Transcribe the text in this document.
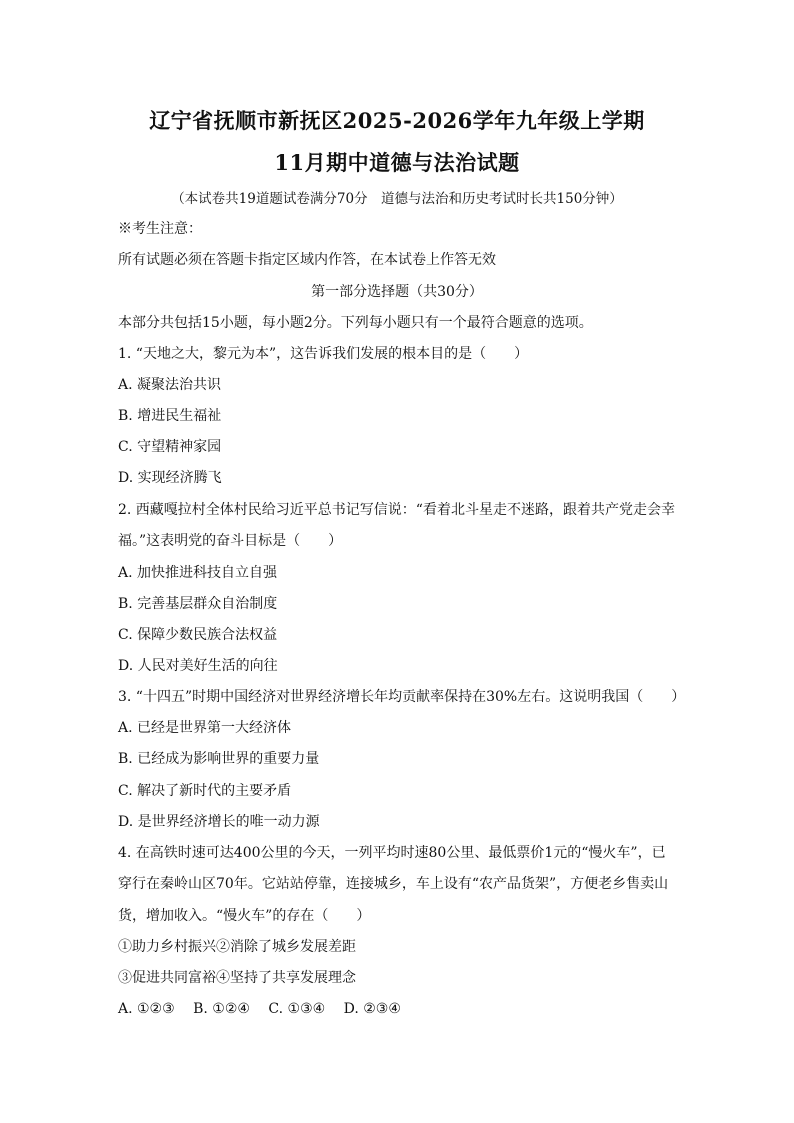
辽宁省抚顺市新抚区2025-2026学年九年级上学期
11月期中道德与法治试题
（本试卷共19道题试卷满分70分　道德与法治和历史考试时长共150分钟）
※考生注意：
所有试题必须在答题卡指定区域内作答，在本试卷上作答无效
第一部分选择题（共30分）
本部分共包括15小题，每小题2分。下列每小题只有一个最符合题意的选项。
1. “天地之大，黎元为本”，这告诉我们发展的根本目的是（　　）
A. 凝聚法治共识
B. 增进民生福祉
C. 守望精神家园
D. 实现经济腾飞
2. 西藏嘎拉村全体村民给习近平总书记写信说：“看着北斗星走不迷路，跟着共产党走会幸
福。”这表明党的奋斗目标是（　　）
A. 加快推进科技自立自强
B. 完善基层群众自治制度
C. 保障少数民族合法权益
D. 人民对美好生活的向往
3. “十四五”时期中国经济对世界经济增长年均贡献率保持在30%左右。这说明我国（　　）
A. 已经是世界第一大经济体
B. 已经成为影响世界的重要力量
C. 解决了新时代的主要矛盾
D. 是世界经济增长的唯一动力源
4. 在高铁时速可达400公里的今天，一列平均时速80公里、最低票价1元的“慢火车”，已
穿行在秦岭山区70年。它站站停靠，连接城乡，车上设有“农产品货架”，方便老乡售卖山
货，增加收入。“慢火车”的存在（　　）
①助力乡村振兴②消除了城乡发展差距
③促进共同富裕④坚持了共享发展理念
A. ①②③　 B. ①②④ 　C. ①③④　 D. ②③④
